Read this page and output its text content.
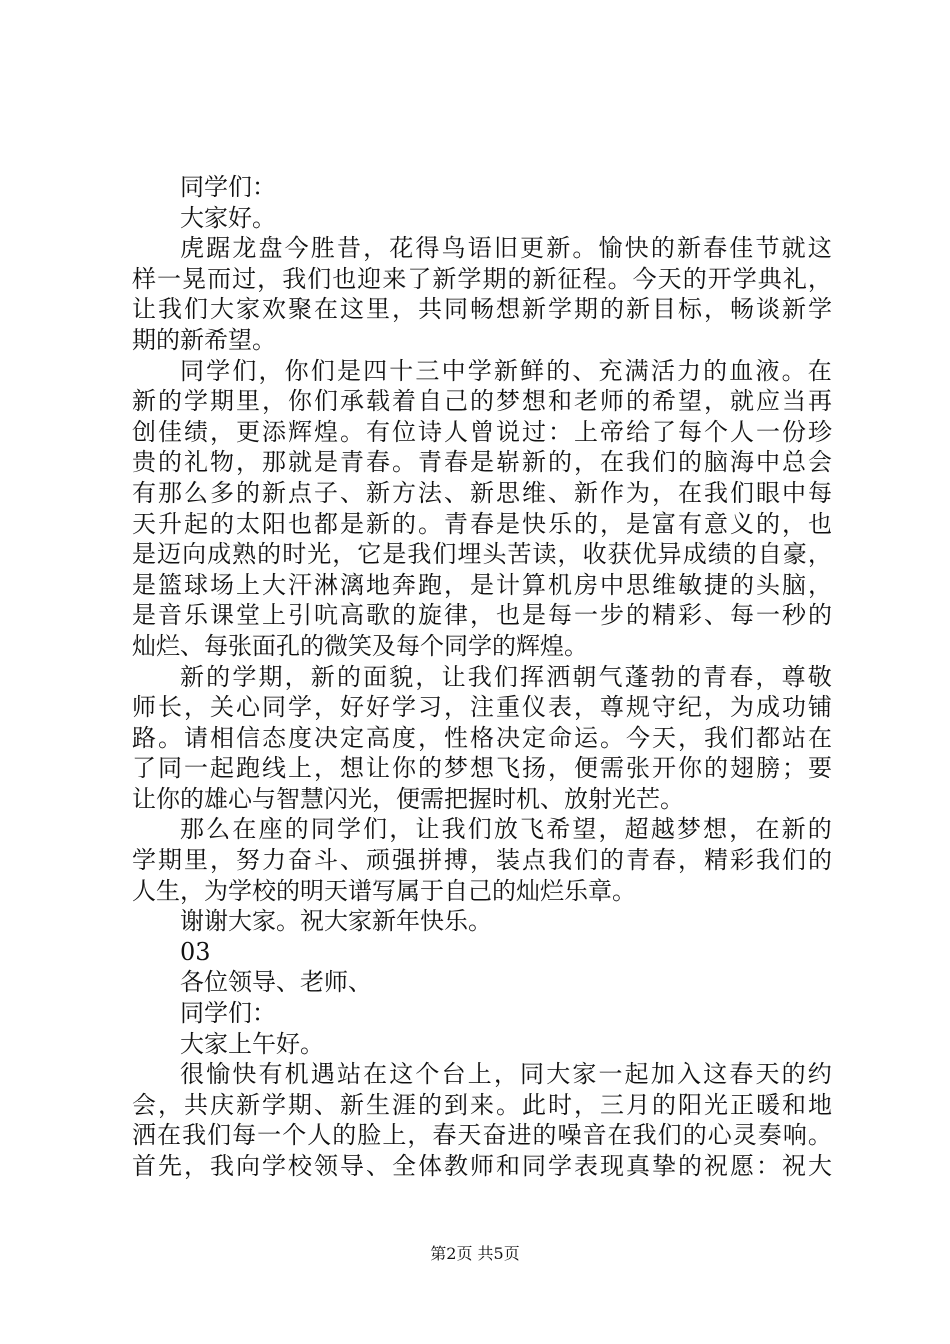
同学们：
大家好。
虎 踞 龙 盘 今 胜 昔 ， 花 得 鸟 语 旧 更 新 。 愉 快 的 新 春 佳 节 就 这
样 一 晃 而 过 ， 我 们 也 迎 来 了 新 学 期 的 新 征 程 。 今 天 的 开 学 典 礼 ，
让 我 们 大 家 欢 聚 在 这 里 ， 共 同 畅 想 新 学 期 的 新 目 标 ， 畅 谈 新 学
期的新希望。
同 学 们 ， 你 们 是 四 十 三 中 学 新 鲜 的 、 充 满 活 力 的 血 液 。 在
新 的 学 期 里 ， 你 们 承 载 着 自 己 的 梦 想 和 老 师 的 希 望 ， 就 应 当 再
创 佳 绩 ， 更 添 辉 煌 。 有 位 诗 人 曾 说 过 ： 上 帝 给 了 每 个 人 一 份 珍
贵 的 礼 物 ， 那 就 是 青 春 。 青 春 是 崭 新 的 ， 在 我 们 的 脑 海 中 总 会
有 那 么 多 的 新 点 子 、 新 方 法 、 新 思 维 、 新 作 为 ， 在 我 们 眼 中 每
天 升 起 的 太 阳 也 都 是 新 的 。 青 春 是 快 乐 的 ， 是 富 有 意 义 的 ， 也
是 迈 向 成 熟 的 时 光 ， 它 是 我 们 埋 头 苦 读 ， 收 获 优 异 成 绩 的 自 豪 ，
是 篮 球 场 上 大 汗 淋 漓 地 奔 跑 ， 是 计 算 机 房 中 思 维 敏 捷 的 头 脑 ，
是 音 乐 课 堂 上 引 吭 高 歌 的 旋 律 ， 也 是 每 一 步 的 精 彩 、 每 一 秒 的
灿烂、每张面孔的微笑及每个同学的辉煌。
新 的 学 期 ， 新 的 面 貌 ， 让 我 们 挥 洒 朝 气 蓬 勃 的 青 春 ， 尊 敬
师 长 ， 关 心 同 学 ， 好 好 学 习 ， 注 重 仪 表 ， 尊 规 守 纪 ， 为 成 功 铺
路 。 请 相 信 态 度 决 定 高 度 ， 性 格 决 定 命 运 。 今 天 ， 我 们 都 站 在
了 同 一 起 跑 线 上 ， 想 让 你 的 梦 想 飞 扬 ， 便 需 张 开 你 的 翅 膀 ； 要
让你的雄心与智慧闪光，便需把握时机、放射光芒。
那 么 在 座 的 同 学 们 ， 让 我 们 放 飞 希 望 ， 超 越 梦 想 ， 在 新 的
学 期 里 ， 努 力 奋 斗 、 顽 强 拼 搏 ， 装 点 我 们 的 青 春 ， 精 彩 我 们 的
人生，为学校的明天谱写属于自己的灿烂乐章。
谢谢大家。祝大家新年快乐。
03
各位领导、老师、
同学们：
大家上午好。
很 愉 快 有 机 遇 站 在 这 个 台 上 ， 同 大 家 一 起 加 入 这 春 天 的 约
会 ， 共 庆 新 学 期 、 新 生 涯 的 到 来 。 此 时 ， 三 月 的 阳 光 正 暖 和 地
洒 在 我 们 每 一 个 人 的 脸 上 ， 春 天 奋 进 的 噪 音 在 我 们 的 心 灵 奏 响 。
首 先 ， 我 向 学 校 领 导 、 全 体 教 师 和 同 学 表 现 真 挚 的 祝 愿 ： 祝 大
第2页 共5页
